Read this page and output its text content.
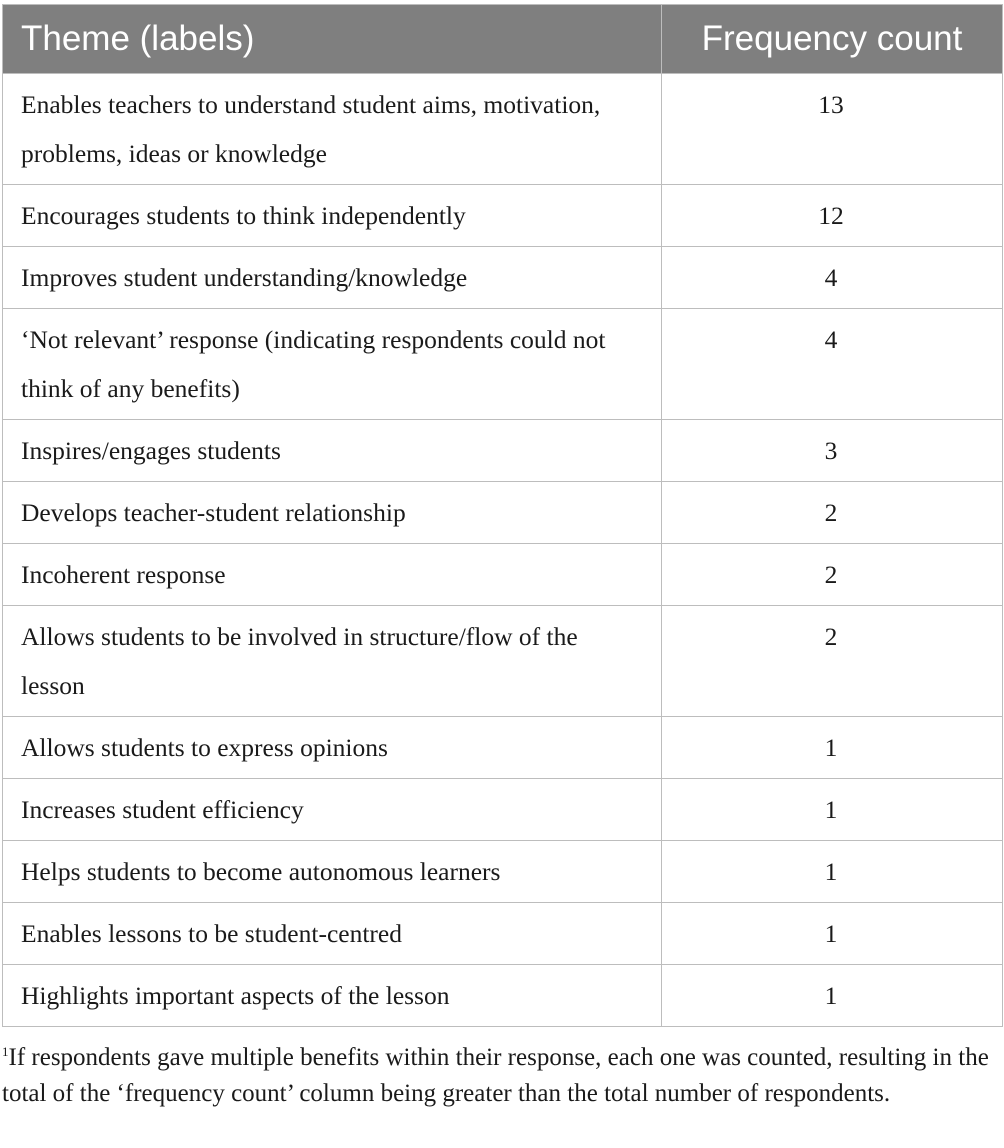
Theme (labels)	Frequency count
Enables teachers to understand student aims, motivation, problems, ideas or knowledge	13
Encourages students to think independently	12
Improves student understanding/knowledge	4
‘Not relevant’ response (indicating respondents could not think of any benefits)	4
Inspires/engages students	3
Develops teacher-student relationship	2
Incoherent response	2
Allows students to be involved in structure/flow of the lesson	2
Allows students to express opinions	1
Increases student efficiency	1
Helps students to become autonomous learners	1
Enables lessons to be student-centred	1
Highlights important aspects of the lesson	1
$^1$If respondents gave multiple benefits within their response, each one was counted, resulting in the total of the ‘frequency count’ column being greater than the total number of respondents.
